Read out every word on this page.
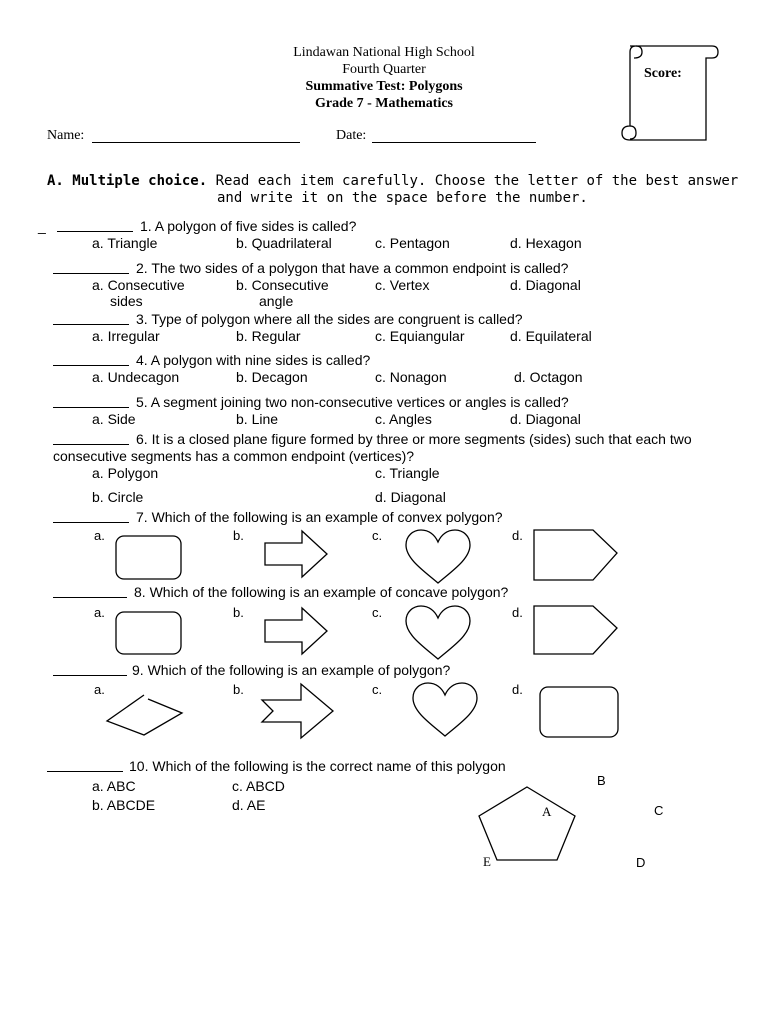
Lindawan National High School
Fourth Quarter
Summative Test: Polygons
Grade 7 - Mathematics
Score:
Name:	Date:
A. Multiple choice. Read each item carefully. Choose the letter of the best answer
and write it on the space before the number.
_	1. A polygon of five sides is called?
a. Triangle	b. Quadrilateral	c. Pentagon	d. Hexagon
2. The two sides of a polygon that have a common endpoint is called?
a. Consecutive	b. Consecutive	c. Vertex	d. Diagonal
sides	angle
3. Type of polygon where all the sides are congruent is called?
a. Irregular	b. Regular	c. Equiangular	d. Equilateral
4. A polygon with nine sides is called?
a. Undecagon	b. Decagon	c. Nonagon	d. Octagon
5. A segment joining two non-consecutive vertices or angles is called?
a. Side	b. Line	c. Angles	d. Diagonal
6. It is a closed plane figure formed by three or more segments (sides) such that each two
consecutive segments has a common endpoint (vertices)?
a. Polygon	c. Triangle
b. Circle	d. Diagonal
7. Which of the following is an example of convex polygon?
a.	b.	c.	d.
8. Which of the following is an example of concave polygon?
a.	b.	c.	d.
9. Which of the following is an example of polygon?
a.	b.	c.	d.
10. Which of the following is the correct name of this polygon
a. ABC	c. ABCD
b. ABCDE	d. AE	A
B
C
D
E
